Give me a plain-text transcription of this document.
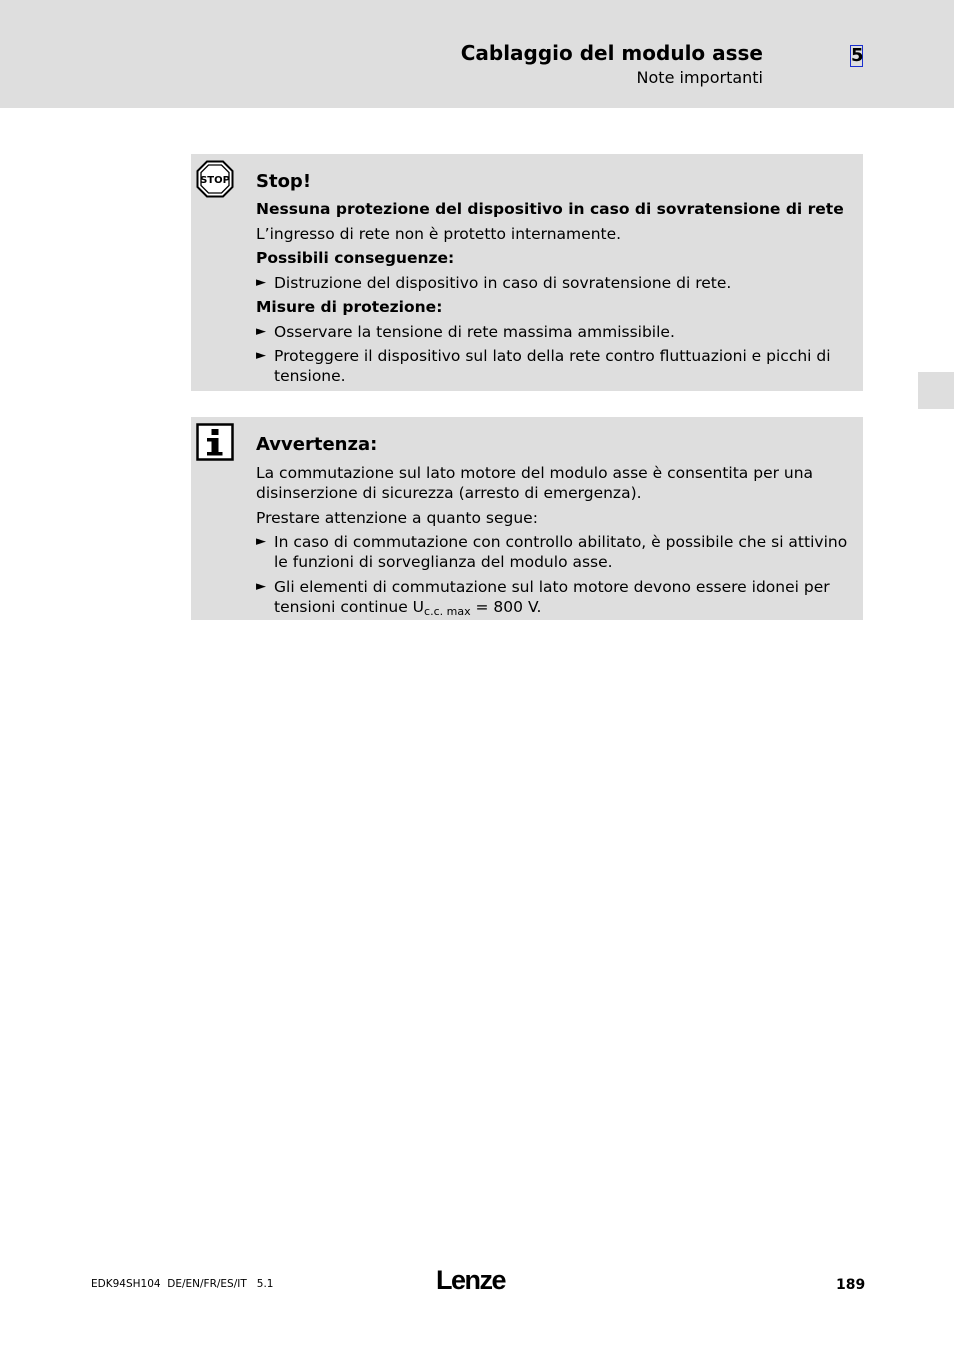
Cablaggio del modulo asse
Note importanti
5
STOP Stop!
Nessuna protezione del dispositivo in caso di sovratensione di rete
L’ingresso di rete non è protetto internamente.
Possibili conseguenze:
► Distruzione del dispositivo in caso di sovratensione di rete.
Misure di protezione:
► Osservare la tensione di rete massima ammissibile.
► Proteggere il dispositivo sul lato della rete contro fluttuazioni e picchi di tensione.
Avvertenza:
La commutazione sul lato motore del modulo asse è consentita per una disinserzione di sicurezza (arresto di emergenza).
Prestare attenzione a quanto segue:
► In caso di commutazione con controllo abilitato, è possibile che si attivino le funzioni di sorveglianza del modulo asse.
► Gli elementi di commutazione sul lato motore devono essere idonei per tensioni continue $U_{c.c. max} = 800$ V.
EDK94SH104  DE/EN/FR/ES/IT   5.1	Lenze	189
